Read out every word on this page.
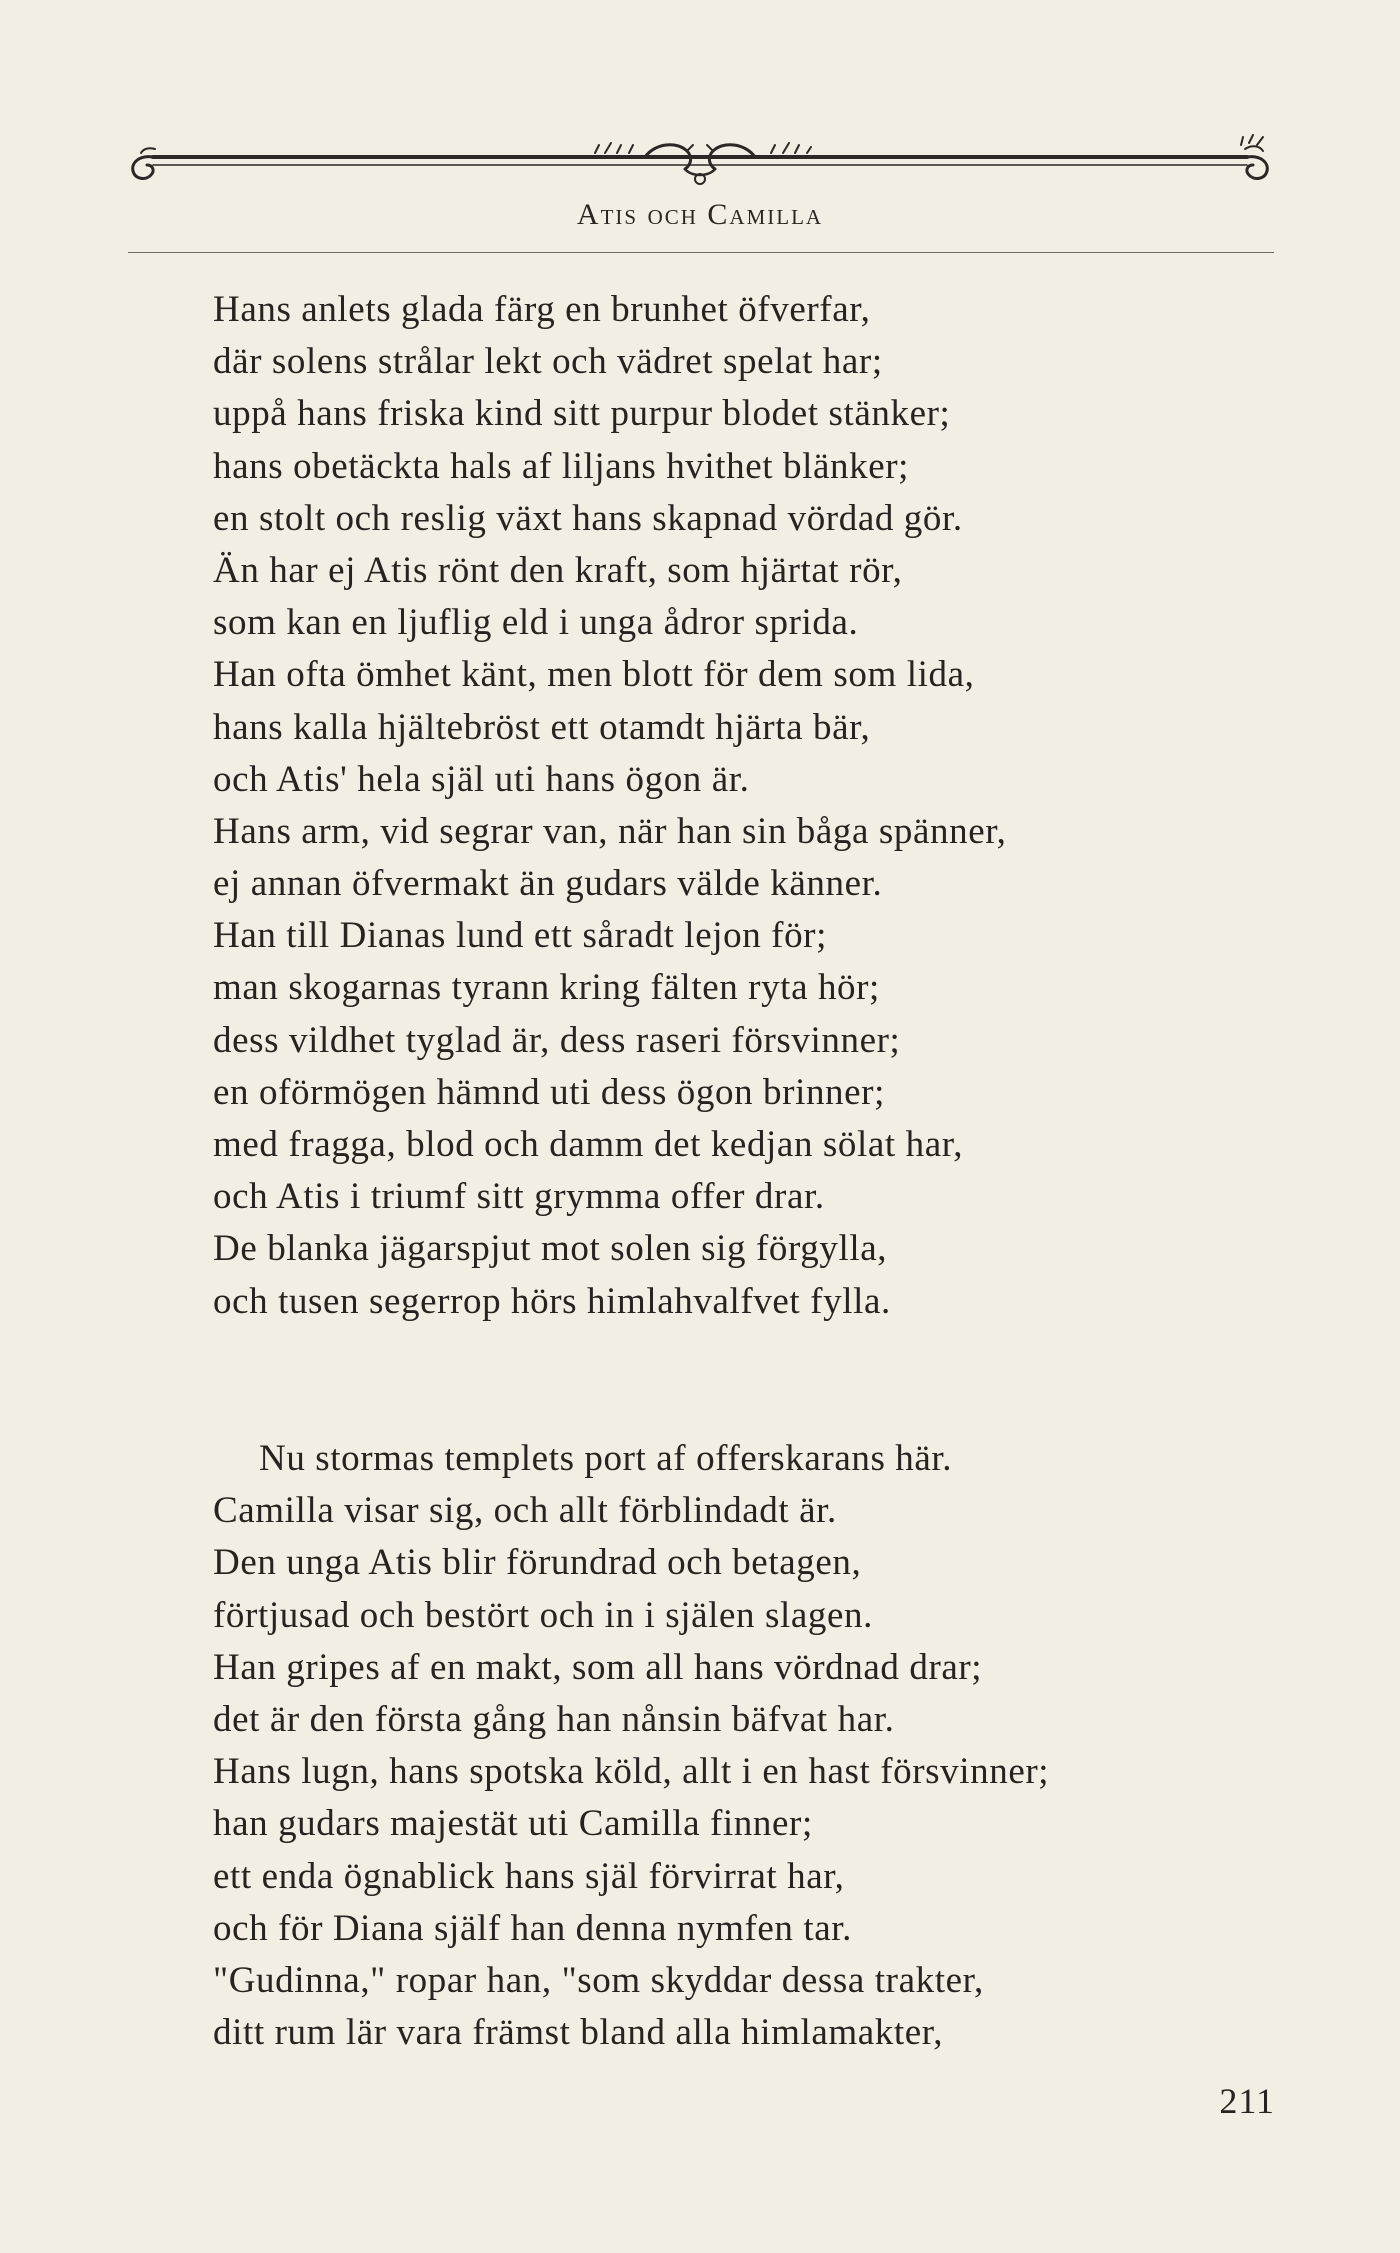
Atis och Camilla
Hans anlets glada färg en brunhet öfverfar,
där solens strålar lekt och vädret spelat har;
uppå hans friska kind sitt purpur blodet stänker;
hans obetäckta hals af liljans hvithet blänker;
en stolt och reslig växt hans skapnad vördad gör.
Än har ej Atis rönt den kraft, som hjärtat rör,
som kan en ljuflig eld i unga ådror sprida.
Han ofta ömhet känt, men blott för dem som lida,
hans kalla hjältebröst ett otamdt hjärta bär,
och Atis' hela själ uti hans ögon är.
Hans arm, vid segrar van, när han sin båga spänner,
ej annan öfvermakt än gudars välde känner.
Han till Dianas lund ett såradt lejon för;
man skogarnas tyrann kring fälten ryta hör;
dess vildhet tyglad är, dess raseri försvinner;
en oförmögen hämnd uti dess ögon brinner;
med fragga, blod och damm det kedjan sölat har,
och Atis i triumf sitt grymma offer drar.
De blanka jägarspjut mot solen sig förgylla,
och tusen segerrop hörs himlahvalfvet fylla.
Nu stormas templets port af offerskarans här.
Camilla visar sig, och allt förblindadt är.
Den unga Atis blir förundrad och betagen,
förtjusad och bestört och in i själen slagen.
Han gripes af en makt, som all hans vördnad drar;
det är den första gång han nånsin bäfvat har.
Hans lugn, hans spotska köld, allt i en hast försvinner;
han gudars majestät uti Camilla finner;
ett enda ögnablick hans själ förvirrat har,
och för Diana själf han denna nymfen tar.
"Gudinna," ropar han, "som skyddar dessa trakter,
ditt rum lär vara främst bland alla himlamakter,
211
